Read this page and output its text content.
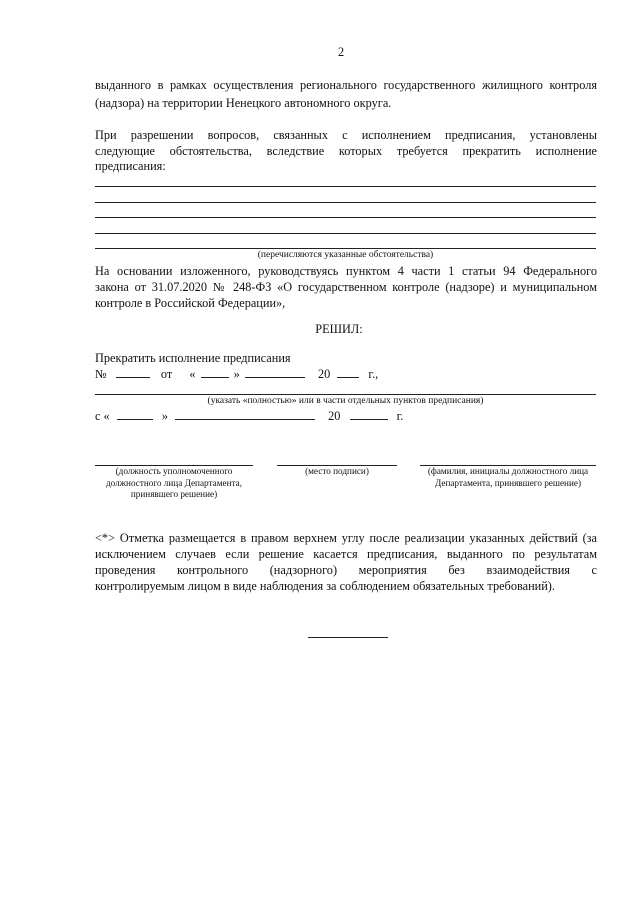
2
выданного в рамках осуществления регионального государственного жилищного контроля
(надзора) на территории Ненецкого автономного округа.
При разрешении вопросов, связанных с исполнением предписания, установлены
следующие обстоятельства, вследствие которых требуется прекратить исполнение
предписания:
(перечисляются указанные обстоятельства)
На основании изложенного, руководствуясь пунктом 4 части 1 статьи 94 Федерального
закона от 31.07.2020 № 248-ФЗ «О государственном контроле (надзоре) и муниципальном
контроле в Российской Федерации»,
РЕШИЛ:
Прекратить исполнение предписания
№	от «	»	20	г.,
(указать «полностью» или в части отдельных пунктов предписания)
с «	»	20	г.
(должность уполномоченного должностного лица Департамента, принявшего решение)
(место подписи)	(фамилия, инициалы должностного лица Департамента, принявшего решение)
<*> Отметка размещается в правом верхнем углу после реализации указанных действий (за
исключением случаев если решение касается предписания, выданного по результатам
проведения контрольного (надзорного) мероприятия без взаимодействия с
контролируемым лицом в виде наблюдения за соблюдением обязательных требований).
